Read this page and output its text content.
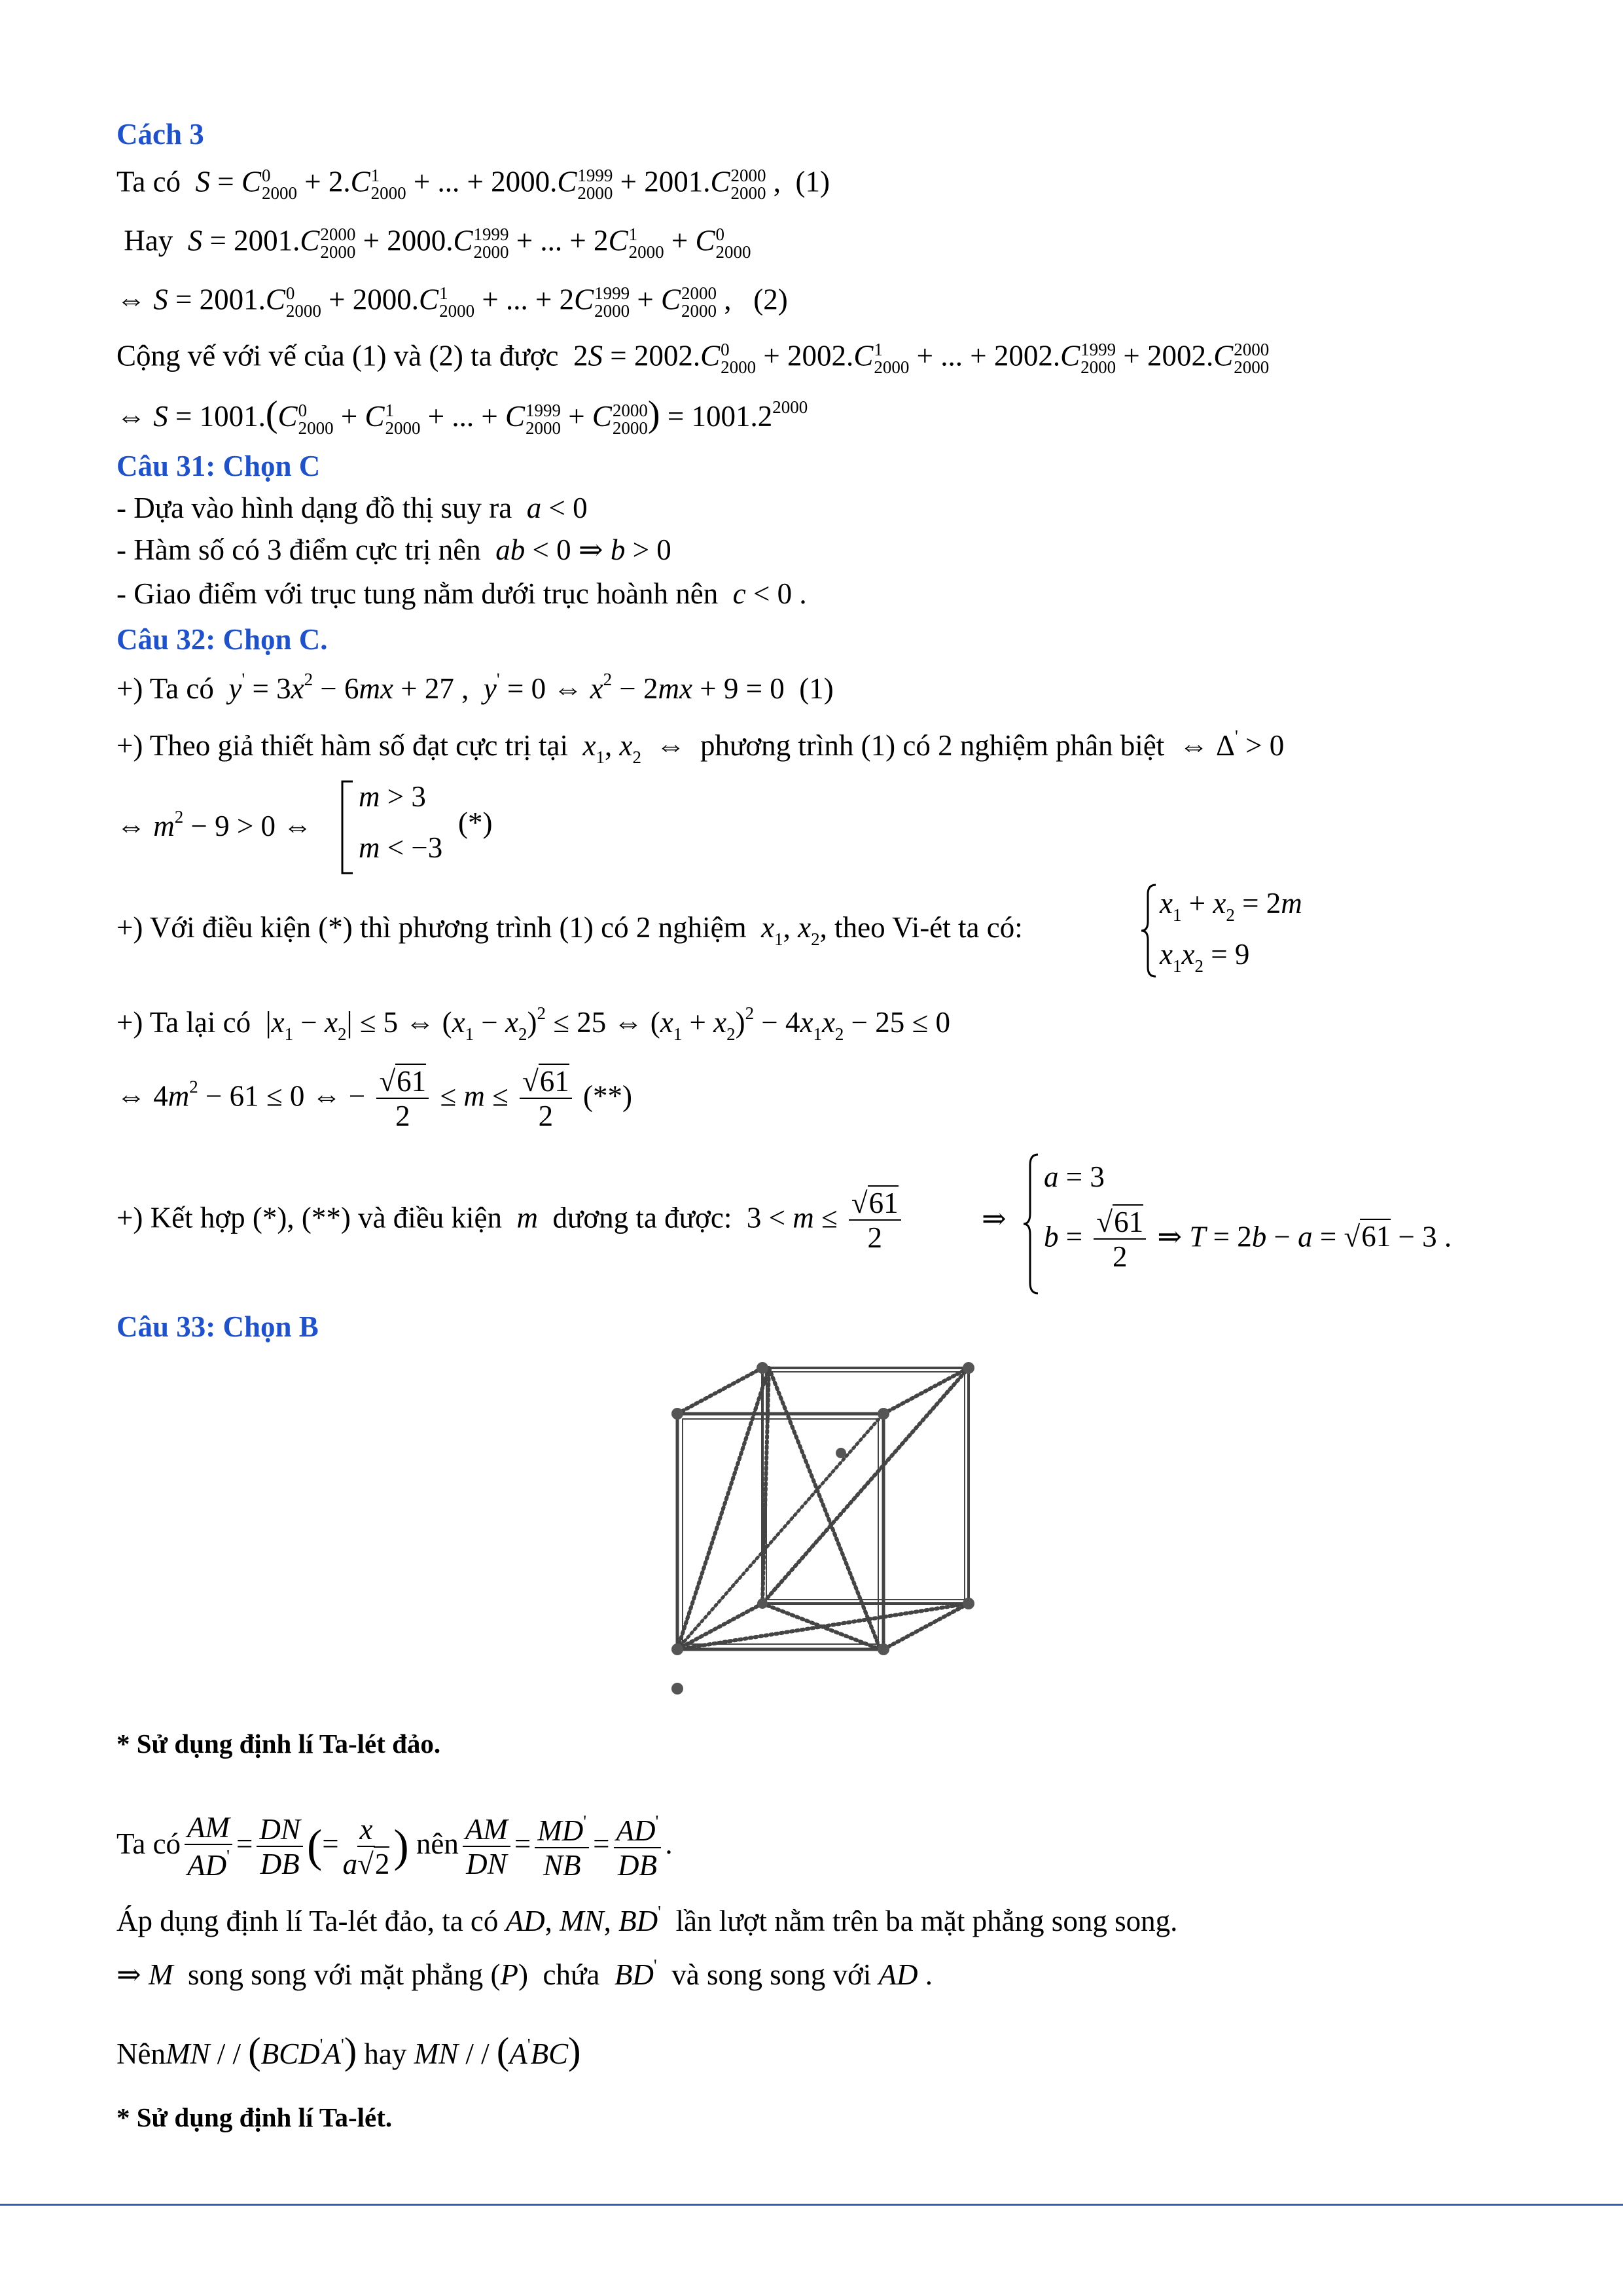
Cách 3
Ta có S = C 0
2000 + 2.C 1
2000 + ... + 2000.C 1999
2000 + 2001.C 2000
2000 ,  (1)
Hay S = 2001.C 2000
2000 + 2000.C 1999
2000 + ... + 2C 1
2000 + C 0
2000
⇔ S = 2001.C 0
2000 + 2000.C 1
2000 + ... + 2C 1999
2000 + C 2000
2000 ,   (2)
Cộng vế với vế của (1) và (2) ta được  2S = 2002.C 0
2000 + 2002.C 1
2000 + ... + 2002.C 1999
2000 + 2002.C 2000
2000
⇔ S = 1001.(C 0
2000 + C 1
2000 + ... + C 1999
2000 + C 2000
2000 ) = $1001.2^{2000}$
Câu 31: Chọn C
- Dựa vào hình dạng đồ thị suy ra a < 0
- Hàm số có 3 điểm cực trị nên ab < 0 ⇒ b > 0
- Giao điểm với trục tung nằm dưới trục hoành nên c < 0 .
Câu 32: Chọn C.
+) Ta có $y' = 3x^2 - 6mx + 27$ ,  y' = 0 ⇔ $x^2 - 2mx + 9 = 0$  (1)
+) Theo giả thiết hàm số đạt cực trị tại $x_1$, $x_2$  ⇔  phương trình (1) có 2 nghiệm phân biệt  ⇔ Δ' > 0
⇔ $m^2 - 9 > 0$ ⇔
m > 3
m < −3
(*)
+) Với điều kiện (*) thì phương trình (1) có 2 nghiệm $x_1$, $x_2$, theo Vi-ét ta có:
$x_1 + x_2 = 2m$
$x_1x_2 = 9$
+) Ta lại có  $|x_1 - x_2| \le 5$ ⇔ $(x_1 - x_2)^2 \le 25$ ⇔ $(x_1 + x_2)^2 - 4x_1x_2 - 25 \le 0$
⇔ $4m^2 - 61 \le 0$ ⇔ − $\frac{√61}{2} \le m \le \frac{√61}{2}$ (**)
+) Kết hợp (*), (**) và điều kiện m dương ta được:  $3 < m \le \frac{√61}{2}$	⇒
a = 3
$b = \frac{√61}{2}$ ⇒ T = 2b − a = √61 − 3 .
Câu 33: Chọn B
* Sử dụng định lí Ta-lét đảo.
Ta có $\frac{AM}{AD'} = \frac{DN}{DB}$ (= $\frac{x}{a√2}$ ) nên $\frac{AM}{DN} = \frac{MD'}{NB} = \frac{AD'}{DB}$ .
Áp dụng định lí Ta-lét đảo, ta có AD, MN, BD' lần lượt nằm trên ba mặt phẳng song song.
⇒ M song song với mặt phẳng (P)  chứa BD' và song song với AD .
NênMN / / (BCD'A') hay MN / / (A'BC)
* Sử dụng định lí Ta-lét.
